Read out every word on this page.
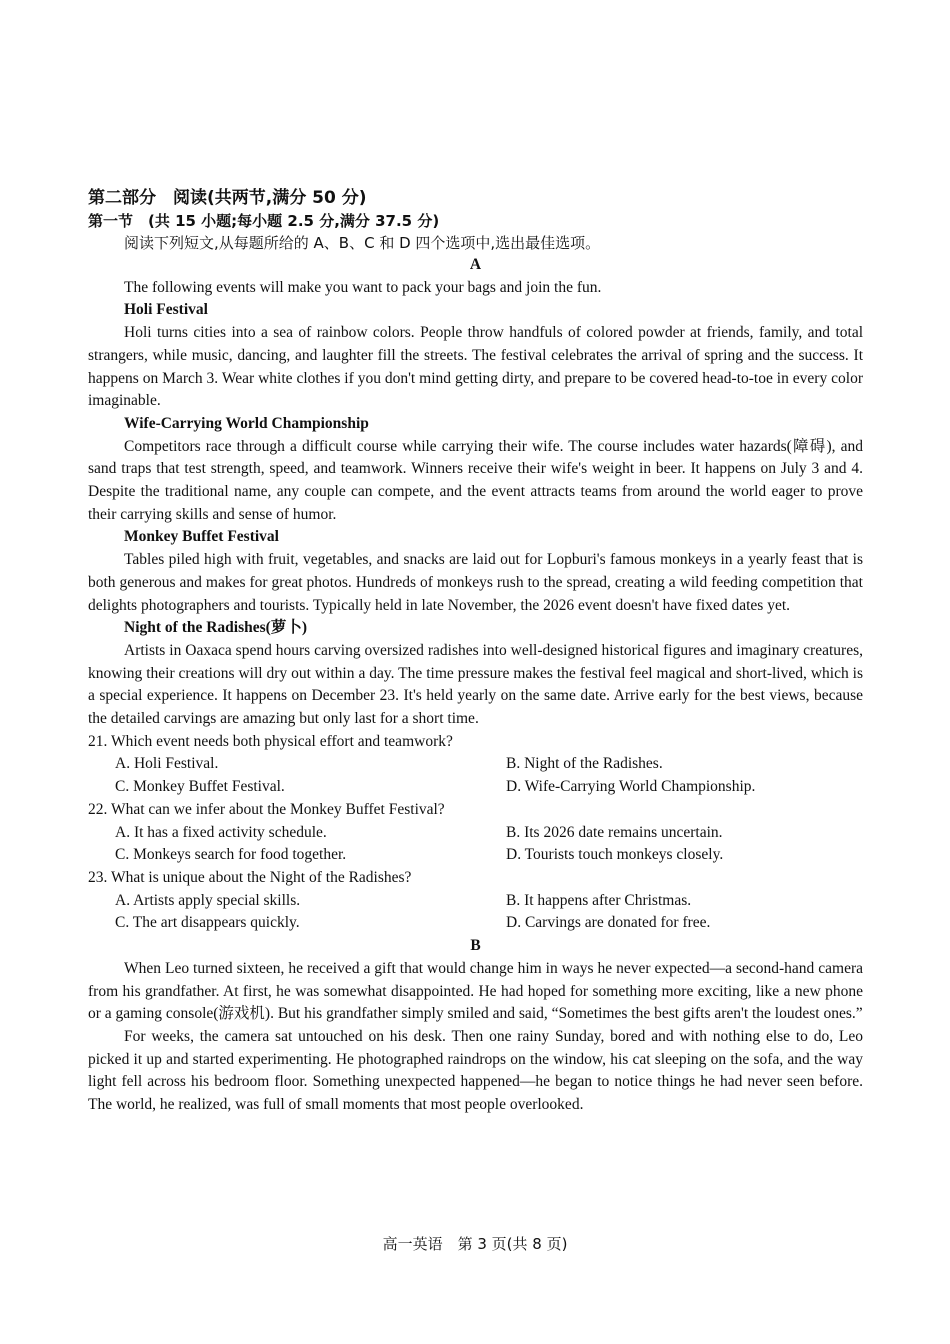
第二部分　阅读(共两节,满分 50 分)
第一节　(共 15 小题;每小题 2.5 分,满分 37.5 分)
阅读下列短文,从每题所给的 A、B、C 和 D 四个选项中,选出最佳选项。
A

The following events will make you want to pack your bags and join the fun.

Holi Festival

Holi turns cities into a sea of rainbow colors. People throw handfuls of colored powder at friends, family, and total strangers, while music, dancing, and laughter fill the streets. The festival celebrates the arrival of spring and the success. It happens on March 3. Wear white clothes if you don't mind getting dirty, and prepare to be covered head-to-toe in every color imaginable.

Wife-Carrying World Championship

Competitors race through a difficult course while carrying their wife. The course includes water hazards(障碍), and sand traps that test strength, speed, and teamwork. Winners receive their wife's weight in beer. It happens on July 3 and 4. Despite the traditional name, any couple can compete, and the event attracts teams from around the world eager to prove their carrying skills and sense of humor.

Monkey Buffet Festival

Tables piled high with fruit, vegetables, and snacks are laid out for Lopburi's famous monkeys in a yearly feast that is both generous and makes for great photos. Hundreds of monkeys rush to the spread, creating a wild feeding competition that delights photographers and tourists. Typically held in late November, the 2026 event doesn't have fixed dates yet.

Night of the Radishes(萝卜)

Artists in Oaxaca spend hours carving oversized radishes into well-designed historical figures and imaginary creatures, knowing their creations will dry out within a day. The time pressure makes the festival feel magical and short-lived, which is a special experience. It happens on December 23. It's held yearly on the same date. Arrive early for the best views, because the detailed carvings are amazing but only last for a short time.

21. Which event needs both physical effort and teamwork?
A. Holi Festival.	B. Night of the Radishes.
C. Monkey Buffet Festival.	D. Wife-Carrying World Championship.
22. What can we infer about the Monkey Buffet Festival?
A. It has a fixed activity schedule.	B. Its 2026 date remains uncertain.
C. Monkeys search for food together.	D. Tourists touch monkeys closely.
23. What is unique about the Night of the Radishes?
A. Artists apply special skills.	B. It happens after Christmas.
C. The art disappears quickly.	D. Carvings are donated for free.
B

When Leo turned sixteen, he received a gift that would change him in ways he never expected—a second-hand camera from his grandfather. At first, he was somewhat disappointed. He had hoped for something more exciting, like a new phone or a gaming console(游戏机). But his grandfather simply smiled and said, “Sometimes the best gifts aren't the loudest ones.”

For weeks, the camera sat untouched on his desk. Then one rainy Sunday, bored and with nothing else to do, Leo picked it up and started experimenting. He photographed raindrops on the window, his cat sleeping on the sofa, and the way light fell across his bedroom floor. Something unexpected happened—he began to notice things he had never seen before. The world, he realized, was full of small moments that most people overlooked.

高一英语　第 3 页(共 8 页)
